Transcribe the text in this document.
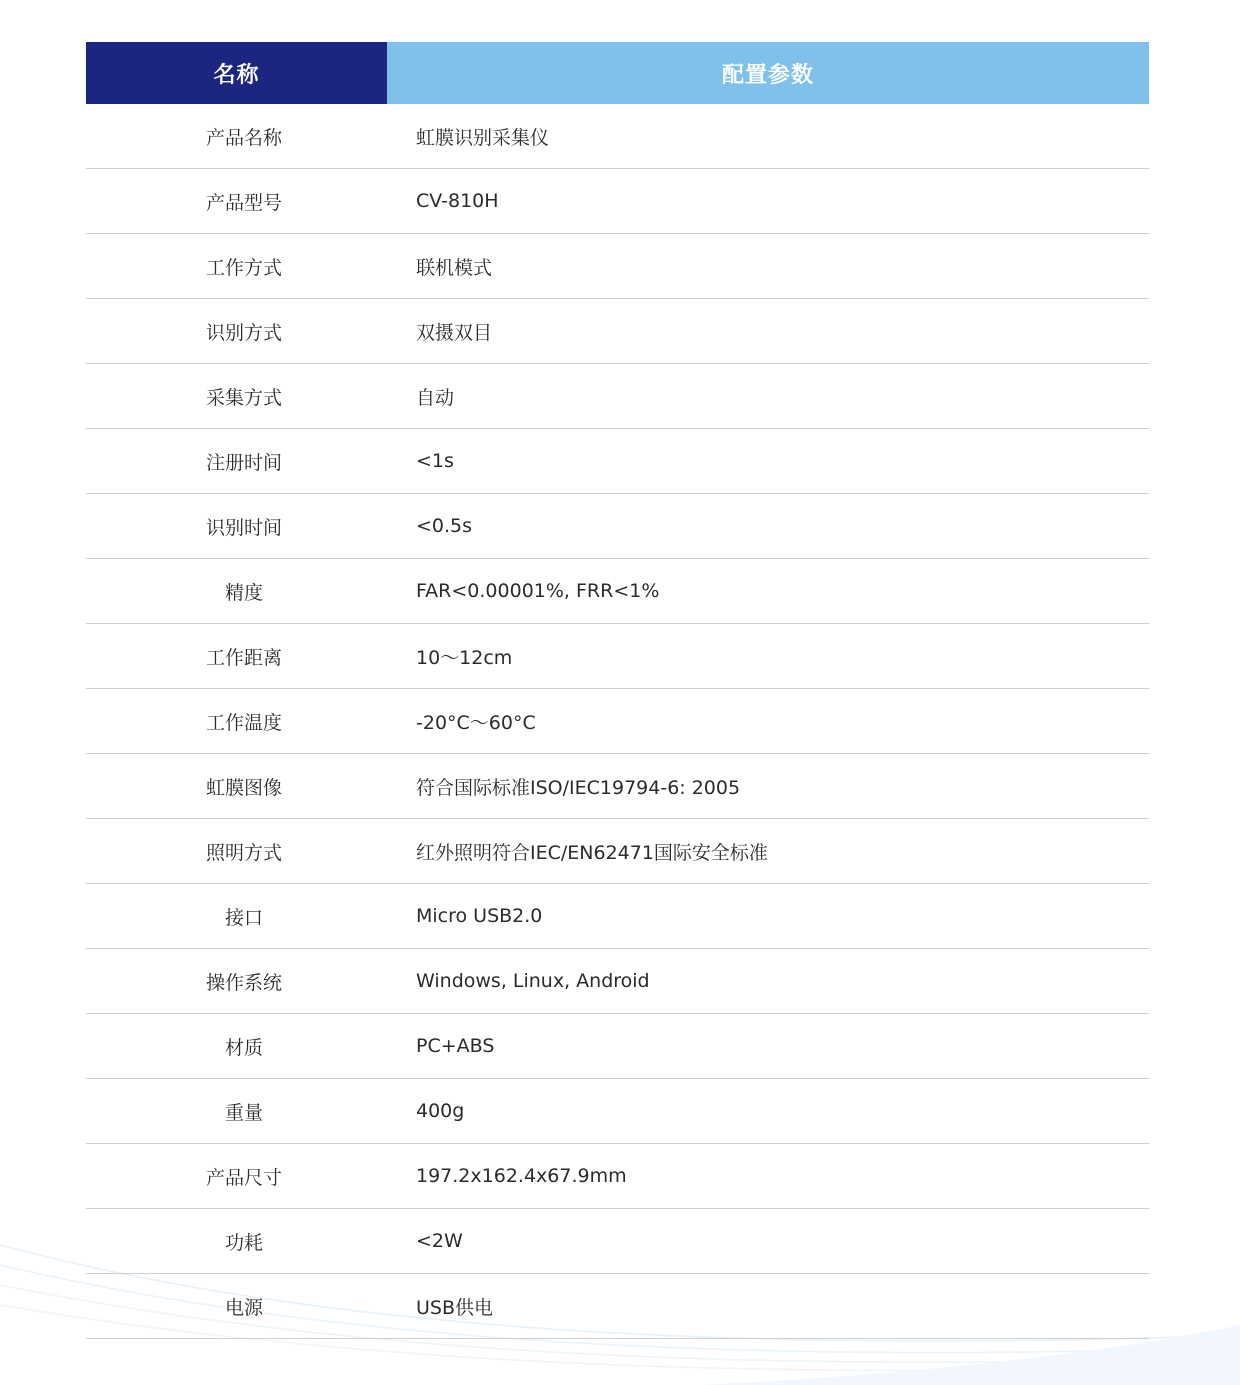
名称	配置参数
产品名称	虹膜识别采集仪
产品型号	CV-810H
工作方式	联机模式
识别方式	双摄双目
采集方式	自动
注册时间	<1s
识别时间	<0.5s
精度	FAR<0.00001%, FRR<1%
工作距离	10～12cm
工作温度	-20°C～60°C
虹膜图像	符合国际标准ISO/IEC19794-6: 2005
照明方式	红外照明符合IEC/EN62471国际安全标准
接口	Micro USB2.0
操作系统	Windows, Linux, Android
材质	PC+ABS
重量	400g
产品尺寸	197.2x162.4x67.9mm
功耗	<2W
电源	USB供电
